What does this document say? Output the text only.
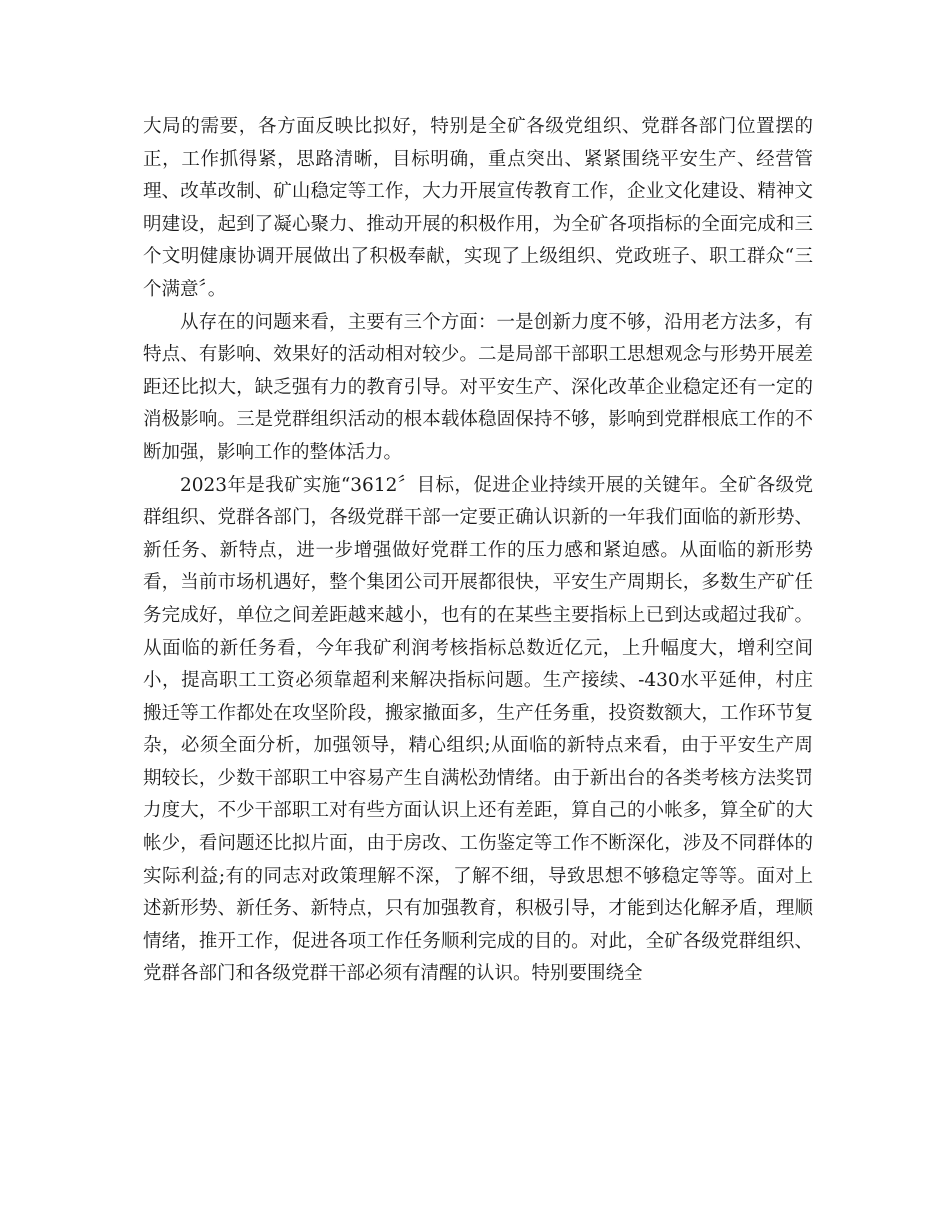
大局的需要，各方面反映比拟好，特别是全矿各级党组织、党群各部门位置摆的正，工作抓得紧，思路清晰，目标明确，重点突出、紧紧围绕平安生产、经营管理、改革改制、矿山稳定等工作，大力开展宣传教育工作，企业文化建设、精神文明建设，起到了凝心聚力、推动开展的积极作用，为全矿各项指标的全面完成和三个文明健康协调开展做出了积极奉献，实现了上级组织、党政班子、职工群众“三个满意〞。

从存在的问题来看，主要有三个方面：一是创新力度不够，沿用老方法多，有特点、有影响、效果好的活动相对较少。二是局部干部职工思想观念与形势开展差距还比拟大，缺乏强有力的教育引导。对平安生产、深化改革企业稳定还有一定的消极影响。三是党群组织活动的根本载体稳固保持不够，影响到党群根底工作的不断加强，影响工作的整体活力。

2023年是我矿实施“3612〞目标，促进企业持续开展的关键年。全矿各级党群组织、党群各部门，各级党群干部一定要正确认识新的一年我们面临的新形势、新任务、新特点，进一步增强做好党群工作的压力感和紧迫感。从面临的新形势看，当前市场机遇好，整个集团公司开展都很快，平安生产周期长，多数生产矿任务完成好，单位之间差距越来越小，也有的在某些主要指标上已到达或超过我矿。从面临的新任务看，今年我矿利润考核指标总数近亿元，上升幅度大，增利空间小，提高职工工资必须靠超利来解决指标问题。生产接续、-430水平延伸，村庄搬迁等工作都处在攻坚阶段，搬家撤面多，生产任务重，投资数额大，工作环节复杂，必须全面分析，加强领导，精心组织;从面临的新特点来看，由于平安生产周期较长，少数干部职工中容易产生自满松劲情绪。由于新出台的各类考核方法奖罚力度大，不少干部职工对有些方面认识上还有差距，算自己的小帐多，算全矿的大帐少，看问题还比拟片面，由于房改、工伤鉴定等工作不断深化，涉及不同群体的实际利益;有的同志对政策理解不深，了解不细，导致思想不够稳定等等。面对上述新形势、新任务、新特点，只有加强教育，积极引导，才能到达化解矛盾，理顺情绪，推开工作，促进各项工作任务顺利完成的目的。对此，全矿各级党群组织、党群各部门和各级党群干部必须有清醒的认识。特别要围绕全
